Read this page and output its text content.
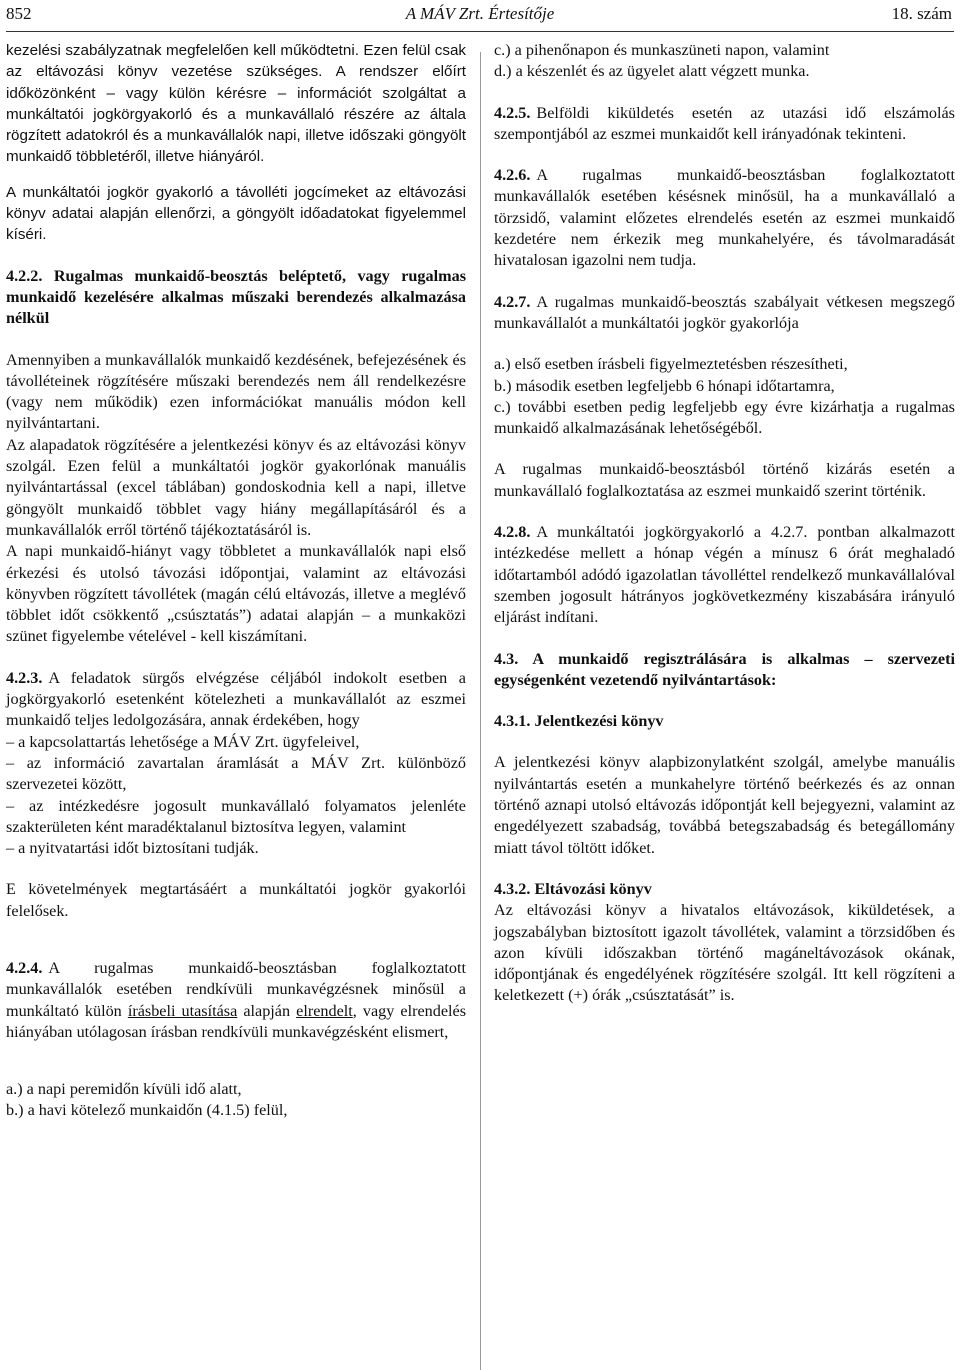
852	A MÁV Zrt. Értesítője	18. szám

kezelési szabályzatnak megfelelően kell működtetni. Ezen felül csak az eltávozási könyv vezetése szükséges. A rendszer előírt időközönként – vagy külön kérésre – információt szolgáltat a munkáltatói jogkörgyakorló és a munkavállaló részére az általa rögzített adatokról és a munkavállalók napi, illetve időszaki göngyölt munkaidő többletéről, illetve hiányáról.

A munkáltatói jogkör gyakorló a távolléti jogcímeket az eltávozási könyv adatai alapján ellenőrzi, a göngyölt időadatokat figyelemmel kíséri.

4.2.2. Rugalmas munkaidő-beosztás beléptető, vagy rugalmas munkaidő kezelésére alkalmas műszaki berendezés alkalmazása nélkül

Amennyiben a munkavállalók munkaidő kezdésének, befejezésének és távolléteinek rögzítésére műszaki berendezés nem áll rendelkezésre (vagy nem működik) ezen információkat manuális módon kell nyilvántartani.

Az alapadatok rögzítésére a jelentkezési könyv és az eltávozási könyv szolgál. Ezen felül a munkáltatói jogkör gyakorlónak manuális nyilvántartással (excel táblában) gondoskodnia kell a napi, illetve göngyölt munkaidő többlet vagy hiány megállapításáról és a munkavállalók erről történő tájékoztatásáról is.

A napi munkaidő-hiányt vagy többletet a munkavállalók napi első érkezési és utolsó távozási időpontjai, valamint az eltávozási könyvben rögzített távollétek (magán célú eltávozás, illetve a meglévő többlet időt csökkentő „csúsztatás”) adatai alapján – a munkaközi szünet figyelembe vételével - kell kiszámítani.

4.2.3. A feladatok sürgős elvégzése céljából indokolt esetben a jogkörgyakorló esetenként kötelezheti a munkavállalót az eszmei munkaidő teljes ledolgozására, annak érdekében, hogy

– a kapcsolattartás lehetősége a MÁV Zrt. ügyfeleivel,

– az információ zavartalan áramlását a MÁV Zrt. különböző szervezetei között,

– az intézkedésre jogosult munkavállaló folyamatos jelenléte szakterületen ként maradéktalanul biztosítva legyen, valamint

– a nyitvatartási időt biztosítani tudják.

E követelmények megtartásáért a munkáltatói jogkör gyakorlói felelősek.

4.2.4. A rugalmas munkaidő-beosztásban foglalkoztatott munkavállalók esetében rendkívüli munkavégzésnek minősül a munkáltató külön írásbeli utasítása alapján elrendelt, vagy elrendelés hiányában utólagosan írásban rendkívüli munkavégzésként elismert,

a.) a napi peremidőn kívüli idő alatt,

b.) a havi kötelező munkaidőn (4.1.5) felül,

c.) a pihenőnapon és munkaszüneti napon, valamint

d.) a készenlét és az ügyelet alatt végzett munka.

4.2.5. Belföldi kiküldetés esetén az utazási idő elszámolás szempontjából az eszmei munkaidőt kell irányadónak tekinteni.

4.2.6. A rugalmas munkaidő-beosztásban foglalkoztatott munkavállalók esetében késésnek minősül, ha a munkavállaló a törzsidő, valamint előzetes elrendelés esetén az eszmei munkaidő kezdetére nem érkezik meg munkahelyére, és távolmaradását hivatalosan igazolni nem tudja.

4.2.7. A rugalmas munkaidő-beosztás szabályait vétkesen megszegő munkavállalót a munkáltatói jogkör gyakorlója

a.) első esetben írásbeli figyelmeztetésben részesítheti,

b.) második esetben legfeljebb 6 hónapi időtartamra,

c.) további esetben pedig legfeljebb egy évre kizárhatja a rugalmas munkaidő alkalmazásának lehetőségéből.

A rugalmas munkaidő-beosztásból történő kizárás esetén a munkavállaló foglalkoztatása az eszmei munkaidő szerint történik.

4.2.8. A munkáltatói jogkörgyakorló a 4.2.7. pontban alkalmazott intézkedése mellett a hónap végén a mínusz 6 órát meghaladó időtartamból adódó igazolatlan távolléttel rendelkező munkavállalóval szemben jogosult hátrányos jogkövetkezmény kiszabására irányuló eljárást indítani.

4.3. A munkaidő regisztrálására is alkalmas – szervezeti egységenként vezetendő nyilvántartások:

4.3.1. Jelentkezési könyv

A jelentkezési könyv alapbizonylatként szolgál, amelybe manuális nyilvántartás esetén a munkahelyre történő beérkezés és az onnan történő aznapi utolsó eltávozás időpontját kell bejegyezni, valamint az engedélyezett szabadság, továbbá betegszabadság és betegállomány miatt távol töltött időket.

4.3.2. Eltávozási könyv

Az eltávozási könyv a hivatalos eltávozások, kiküldetések, a jogszabályban biztosított igazolt távollétek, valamint a törzsidőben és azon kívüli időszakban történő magáneltávozások okának, időpontjának és engedélyének rögzítésére szolgál. Itt kell rögzíteni a keletkezett (+) órák „csúsztatását” is.
